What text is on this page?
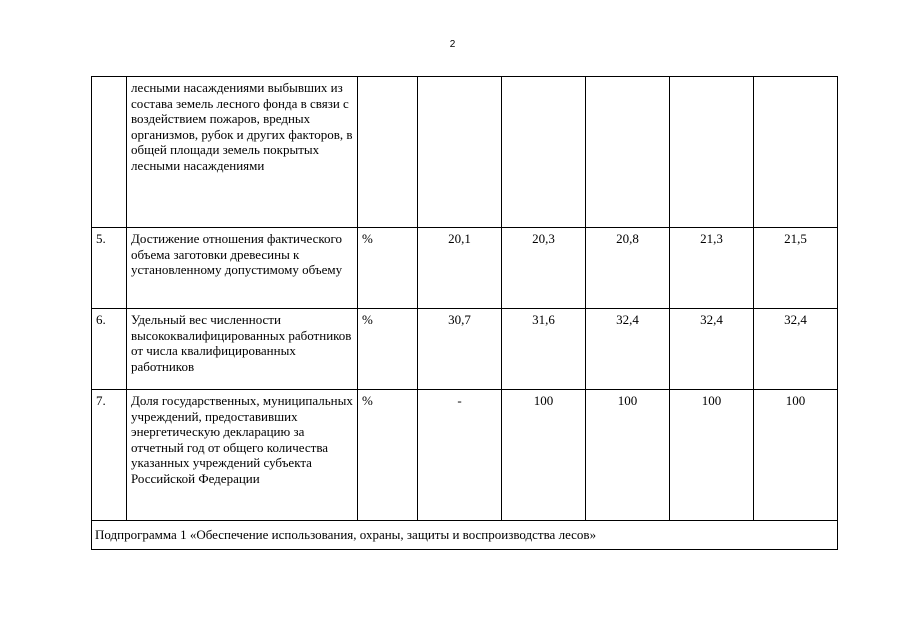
2
	лесными насаждениями выбывших из состава земель лесного фонда в связи с воздействием пожаров, вредных организмов, рубок и других факторов, в общей площади земель покрытых лесными насаждениями						
5.	Достижение отношения фактического объема заготовки древесины к установленному допустимому объему	%	20,1	20,3	20,8	21,3	21,5
6.	Удельный вес численности высококвалифицированных работников от числа квалифицированных работников	%	30,7	31,6	32,4	32,4	32,4
7.	Доля государственных, муниципальных учреждений, предоставивших энергетическую декларацию за отчетный год от общего количества указанных учреждений субъекта Российской Федерации	%	-	100	100	100	100
Подпрограмма 1 «Обеспечение использования, охраны, защиты и воспроизводства лесов»							
